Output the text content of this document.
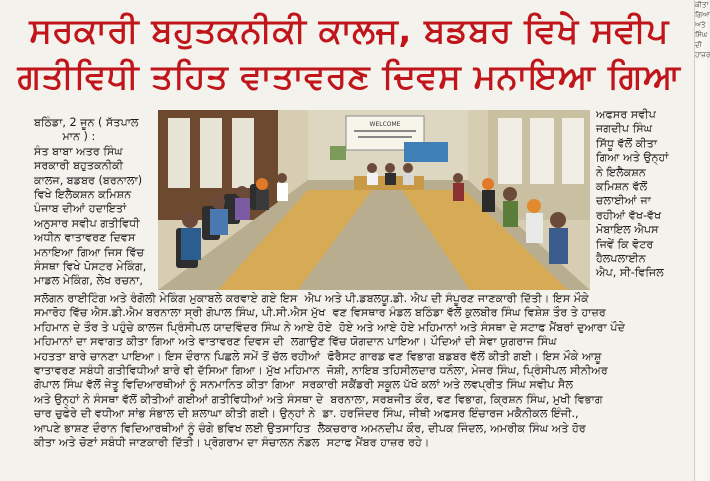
ਸਰਕਾਰੀ ਬਹੁਤਕਨੀਕੀ ਕਾਲਜ, ਬਡਬਰ ਵਿਖੇ ਸਵੀਪ
ਗਤੀਵਿਧੀ ਤਹਿਤ ਵਾਤਾਵਰਣ ਦਿਵਸ ਮਨਾਇਆ ਗਿਆ
ਬਠਿੰਡਾ, 2 ਜੂਨ ( ਸੱਤਪਾਲ
ਮਾਨ ) :
ਸੰਤ ਬਾਬਾ ਅਤਰ ਸਿੰਘ
ਸਰਕਾਰੀ ਬਹੁਤਕਨੀਕੀ
ਕਾਲਜ, ਬਡਬਰ (ਬਰਨਾਲਾ)
ਵਿਖੇ ਇਲੈਕਸ਼ਨ ਕਮਿਸ਼ਨ
ਪੰਜਾਬ ਦੀਆਂ ਹਦਾਇਤਾਂ
ਅਨੁਸਾਰ ਸਵੀਪ ਗਤੀਵਿਧੀ
ਅਧੀਨ ਵਾਤਾਵਰਣ ਦਿਵਸ
ਮਨਾਇਆ ਗਿਆ ਜਿਸ ਵਿੱਚ
ਸੰਸਥਾ ਵਿਖੇ ਪੋਸਟਰ ਮੇਕਿੰਗ,
ਮਾਡਲ ਮੇਕਿੰਗ, ਲੇਖ ਰਚਨਾ,
WELCOME
ਅਫਸਰ ਸਵੀਪ
ਜਗਦੀਪ ਸਿੰਘ
ਸਿੱਧੂ ਵੱਲੋਂ ਕੀਤਾ
ਗਿਆ ਅਤੇ ਉਨ੍ਹਾਂ
ਨੇ ਇਲੈਕਸ਼ਨ
ਕਮਿਸ਼ਨ ਵੱਲੋਂ
ਚਲਾਈਆਂ ਜਾ
ਰਹੀਆਂ ਵੱਖ-ਵੱਖ
ਮੋਬਾਇਲ ਐਪਸ
ਜਿਵੇਂ ਕਿ ਵੋਟਰ
ਹੈਲਪਲਾਈਨ
ਐਪ, ਸੀ-ਵਿਜਿਲ
ਸਲੋਗਨ ਰਾਈਟਿੰਗ ਅਤੇ ਰੰਗੋਲੀ ਮੇਕਿੰਗ ਮੁਕਾਬਲੇ ਕਰਵਾਏ ਗਏ ਇਸ  ਐਪ ਅਤੇ ਪੀ.ਡਬਲਯੂ.ਡੀ. ਐਪ ਦੀ ਸੰਪੂਰਣ ਜਾਣਕਾਰੀ ਦਿੱਤੀ। ਇਸ ਮੌਕੇ
ਸਮਾਰੋਹ ਵਿੱਚ ਐਸ.ਡੀ.ਐਮ ਬਰਨਾਲਾ ਸ੍ਰੀ ਗੋਪਾਲ ਸਿੰਘ, ਪੀ.ਸੀ.ਐਸ ਮੁੱਖ  ਵਣ ਵਿਸਥਾਰ ਮੰਡਲ ਬਠਿੰਡਾ ਵੱਲੋਂ ਕੁਲਬੀਰ ਸਿੰਘ ਵਿਸ਼ੇਸ਼ ਤੌਰ ਤੇ ਹਾਜ਼ਰ
ਮਹਿਮਾਨ ਦੇ ਤੌਰ ਤੇ ਪਹੁੰਚੇ ਕਾਲਜ ਪ੍ਰਿੰਸੀਪਲ ਯਾਦਵਿੰਦਰ ਸਿੰਘ ਨੇ ਆਏ ਹੋਏ  ਹੋਏ ਅਤੇ ਆਏ ਹੋਏ ਮਹਿਮਾਨਾਂ ਅਤੇ ਸੰਸਥਾ ਦੇ ਸਟਾਫ ਮੈਂਬਰਾਂ ਦੁਆਰਾ ਪੌਦੇ
ਮਹਿਮਾਨਾਂ ਦਾ ਸਵਾਗਤ ਕੀਤਾ ਗਿਆ ਅਤੇ ਵਾਤਾਵਰਣ ਦਿਵਸ ਦੀ  ਲਗਾਉਣ ਵਿੱਚ ਯੋਗਦਾਨ ਪਾਇਆ। ਪੌਦਿਆਂ ਦੀ ਸੇਵਾ ਯੁਗਰਾਜ ਸਿੰਘ
ਮਹਤਤਾ ਬਾਰੇ ਚਾਨਣਾ ਪਾਇਆ। ਇਸ ਦੌਰਾਨ ਪਿਛਲੇ ਸਮੇਂ ਤੋਂ ਚੱਲ ਰਹੀਆਂ  ਫੋਰੈਸਟ ਗਾਰਡ ਵਣ ਵਿਭਾਗ ਬਡਬਰ ਵੱਲੋਂ ਕੀਤੀ ਗਈ। ਇਸ ਮੌਕੇ ਆਸ਼ੂ
ਵਾਤਾਵਰਣ ਸਬੰਧੀ ਗਤੀਵਿਧੀਆਂ ਬਾਰੇ ਵੀ ਦੱਸਿਆ ਗਿਆ। ਮੁੱਖ ਮਹਿਮਾਨ  ਜੋਸ਼ੀ, ਨਾਇਬ ਤਹਿਸੀਲਦਾਰ ਧਨੌਲਾ, ਮੇਜਰ ਸਿੰਘ, ਪ੍ਰਿੰਸੀਪਲ ਸੀਨੀਅਰ
ਗੋਪਾਲ ਸਿੰਘ ਵੱਲੋਂ ਜੇਤੂ ਵਿਦਿਆਰਥੀਆਂ ਨੂੰ ਸਨਮਾਨਿਤ ਕੀਤਾ ਗਿਆ  ਸਰਕਾਰੀ ਸਕੈਂਡਰੀ ਸਕੂਲ ਪੱਖੋ ਕਲਾਂ ਅਤੇ ਲਵਪ੍ਰੀਤ ਸਿੰਘ ਸਵੀਪ ਸੈਲ
ਅਤੇ ਉਨ੍ਹਾਂ ਨੇ ਸੰਸਥਾ ਵੱਲੋਂ ਕੀਤੀਆਂ ਗਈਆਂ ਗਤੀਵਿਧੀਆਂ ਅਤੇ ਸੰਸਥਾ ਦੇ  ਬਰਨਾਲਾ, ਸਰਬਜੀਤ ਕੌਰ, ਵਣ ਵਿਭਾਗ, ਕ੍ਰਿਸ਼ਨ ਸਿੰਘ, ਮੁਖੀ ਵਿਭਾਗ
ਚਾਰ ਚੁਫੇਰੇ ਦੀ ਵਧੀਆ ਸਾਂਭ ਸੰਭਾਲ ਦੀ ਸ਼ਲਾਘਾ ਕੀਤੀ ਗਈ। ਉਨ੍ਹਾਂ ਨੇ  ਡਾ. ਹਰਜਿੰਦਰ ਸਿੰਘ, ਜੀਥੀ ਅਫਸਰ ਇੰਚਾਰਜ ਮਕੈਨੀਕਲ ਇੰਜੀ.,
ਆਪਣੇ ਭਾਸ਼ਣ ਦੌਰਾਨ ਵਿਦਿਆਰਥੀਆਂ ਨੂੰ ਚੰਗੇ ਭਵਿਖ ਲਈ ਉਤਸਾਹਿਤ  ਲੈਕਚਰਾਰ ਅਮਨਦੀਪ ਕੌਰ, ਦੀਪਕ ਜਿੰਦਲ, ਅਮਰੀਕ ਸਿੰਘ ਅਤੇ ਹੋਰ
ਕੀਤਾ ਅਤੇ ਚੋਣਾਂ ਸਬੰਧੀ ਜਾਣਕਾਰੀ ਦਿੱਤੀ। ਪ੍ਰੋਗਰਾਮ ਦਾ ਸੰਚਾਲਨ ਨੋਡਲ  ਸਟਾਫ ਮੈਂਬਰ ਹਾਜ਼ਰ ਰਹੇ।
ਕੀਤਾ ਗਿਆ ਅਤੇ ਸਿੰਘ ਦੀ ਹਾਜ਼ਰ
